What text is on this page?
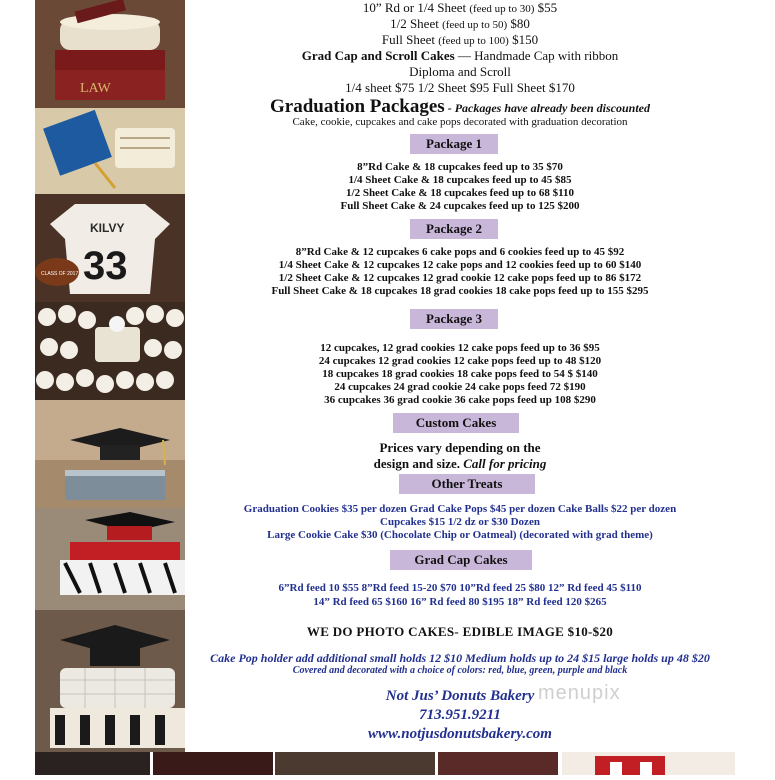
LAW
KILVY
33
CLASS OF 2017
10” Rd or 1/4 Sheet (feed up to 30) $55
1/2 Sheet (feed up to 50) $80
Full Sheet (feed up to 100) $150
Grad Cap and Scroll Cakes — Handmade Cap with ribbon
Diploma and Scroll
1/4 sheet $75 1/2 Sheet $95 Full Sheet $170
Graduation Packages - Packages have already been discounted
Cake, cookie, cupcakes and cake pops decorated with graduation decoration
Package 1
8”Rd Cake & 18 cupcakes feed up to 35 $70
1/4 Sheet Cake & 18 cupcakes feed up to 45 $85
1/2 Sheet Cake & 18 cupcakes feed up to 68 $110
Full Sheet Cake & 24 cupcakes feed up to 125 $200
Package 2
8”Rd Cake & 12 cupcakes 6 cake pops and 6 cookies feed up to 45 $92
1/4 Sheet Cake & 12 cupcakes 12 cake pops and 12 cookies feed up to 60 $140
1/2 Sheet Cake & 12 cupcakes 12 grad cookie 12 cake pops feed up to 86 $172
Full Sheet Cake & 18 cupcakes 18 grad cookies 18 cake pops feed up to 155 $295
Package 3
12 cupcakes, 12 grad cookies 12 cake pops feed up to 36 $95
24 cupcakes 12 grad cookies 12 cake pops feed up to 48 $120
18 cupcakes 18 grad cookies 18 cake pops feed to 54 $ $140
24 cupcakes 24 grad cookie 24 cake pops feed 72 $190
36 cupcakes 36 grad cookie 36 cake pops feed up 108 $290
Custom Cakes
Prices vary depending on the
design and size. Call for pricing
Other Treats
Graduation Cookies $35 per dozen Grad Cake Pops $45 per dozen Cake Balls $22 per dozen
Cupcakes $15 1/2 dz or $30 Dozen
Large Cookie Cake $30 (Chocolate Chip or Oatmeal) (decorated with grad theme)
Grad Cap Cakes
6”Rd feed 10 $55 8”Rd feed 15-20 $70 10”Rd feed 25 $80 12” Rd feed 45 $110
14” Rd feed 65 $160 16” Rd feed 80 $195 18” Rd feed 120 $265
WE DO PHOTO CAKES- EDIBLE IMAGE $10-$20
Cake Pop holder add additional small holds 12 $10 Medium holds up to 24 $15 large holds up 48 $20
Covered and decorated with a choice of colors: red, blue, green, purple and black
Not Jus’ Donuts Bakery
713.951.9211
www.notjusdonutsbakery.com
menupix
